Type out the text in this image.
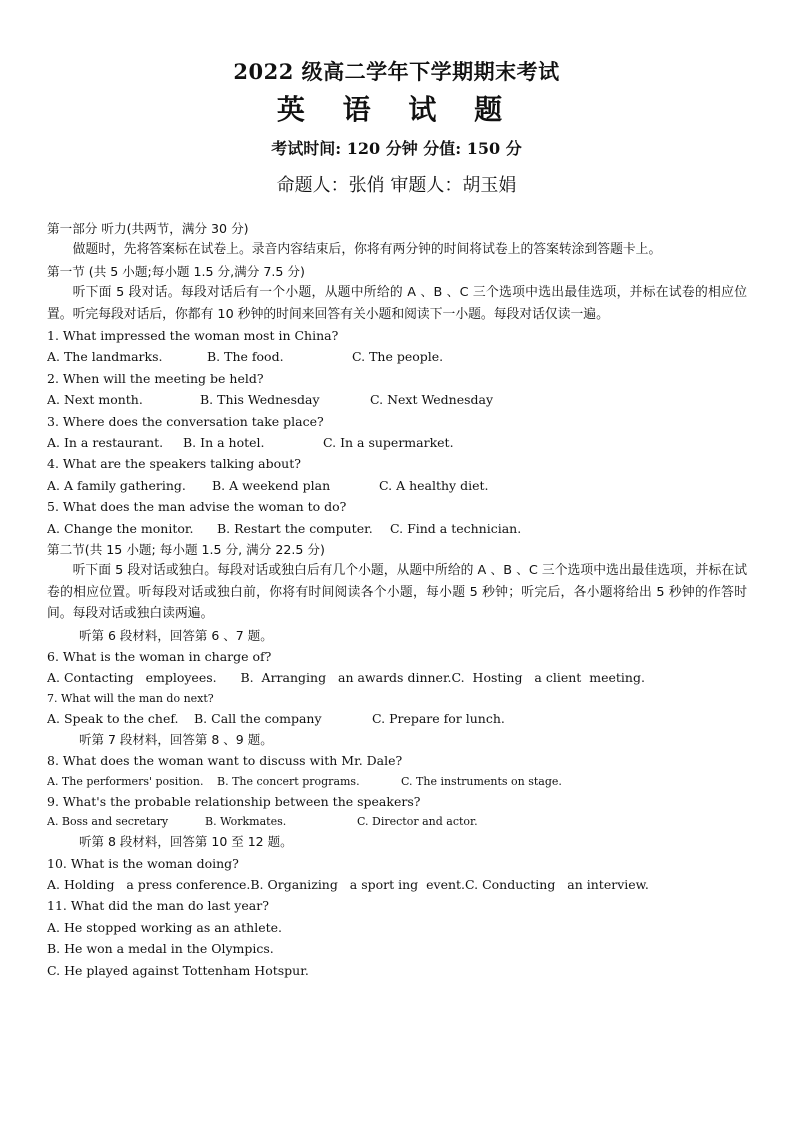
2022 级高二学年下学期期末考试
英 语 试 题
考试时间: 120 分钟 分值: 150 分
命题人：张俏 审题人：胡玉娟
第一部分 听力(共两节，满分 30 分)
做题时，先将答案标在试卷上。录音内容结束后，你将有两分钟的时间将试卷上的答案转涂到答题卡上。
第一节 (共 5 小题;每小题 1.5 分,满分 7.5 分)
听下面 5 段对话。每段对话后有一个小题，从题中所给的 A 、B 、C 三个选项中选出最佳选项，并标在试卷的相应位置。听完每段对话后，你都有 10 秒钟的时间来回答有关小题和阅读下一小题。每段对话仅读一遍。
1. What impressed the woman most in China?
A. The landmarks.	B. The food.	C. The people.
2. When will the meeting be held?
A. Next month.	B. This Wednesday	C. Next Wednesday
3. Where does the conversation take place?
A. In a restaurant.	B. In a hotel.	C. In a supermarket.
4. What are the speakers talking about?
A. A family gathering.	B. A weekend plan	C. A healthy diet.
5. What does the man advise the woman to do?
A. Change the monitor.	B. Restart the computer.	C. Find a technician.
第二节(共 15 小题; 每小题 1.5 分, 满分 22.5 分)
听下面 5 段对话或独白。每段对话或独白后有几个小题，从题中所给的 A 、B 、C 三个选项中选出最佳选项，并标在试卷的相应位置。听每段对话或独白前，你将有时间阅读各个小题，每小题 5 秒钟；听完后，各小题将给出 5 秒钟的作答时间。每段对话或独白读两遍。
听第 6 段材料，回答第 6 、7 题。
6. What is the woman in charge of?
A. Contacting   employees.      B.  Arranging   an awards dinner.C.  Hosting   a client  meeting.
7. What will the man do next?
A. Speak to the chef.	B. Call the company	C. Prepare for lunch.
听第 7 段材料，回答第 8 、9 题。
8. What does the woman want to discuss with Mr. Dale?
A. The performers' position.	B. The concert programs.	C. The instruments on stage.
9. What's the probable relationship between the speakers?
A. Boss and secretary	B. Workmates.	C. Director and actor.
听第 8 段材料，回答第 10 至 12 题。
10. What is the woman doing?
A. Holding   a press conference.B. Organizing   a sport ing  event.C. Conducting   an interview.
11. What did the man do last year?
A. He stopped working as an athlete.
B. He won a medal in the Olympics.
C. He played against Tottenham Hotspur.
